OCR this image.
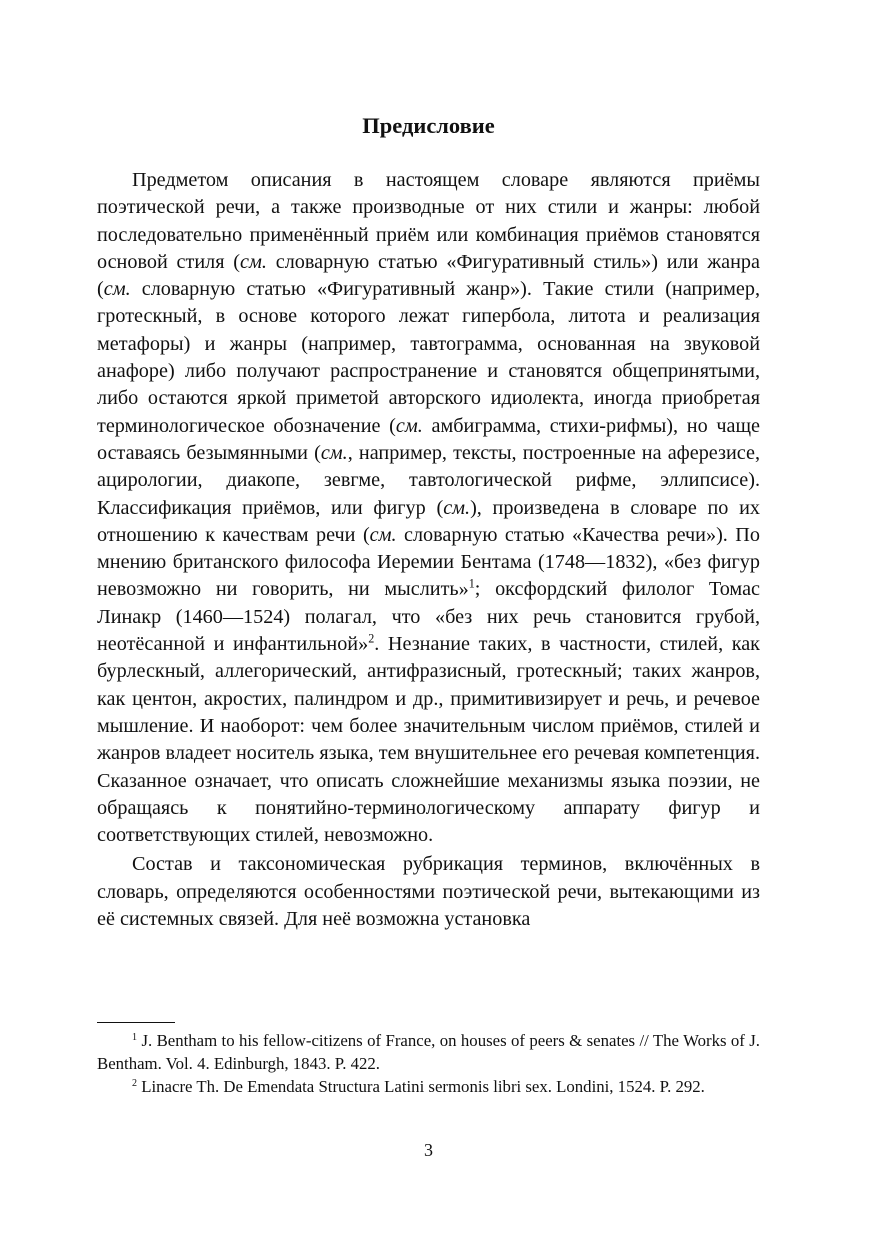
Предисловие

Предметом описания в настоящем словаре являются приёмы поэтической речи, а также производные от них стили и жанры: любой последовательно применённый приём или комбинация приёмов становятся основой стиля (см. словарную статью «Фигуративный стиль») или жанра (см. словарную статью «Фигуративный жанр»). Такие стили (например, гротескный, в основе которого лежат гипербола, литота и реализация метафоры) и жанры (например, тавтограмма, основанная на звуковой анафоре) либо получают распространение и становятся общепринятыми, либо остаются яркой приметой авторского идиолекта, иногда приобретая терминологическое обозначение (см. амбиграмма, стихи-рифмы), но чаще оставаясь безымянными (см., например, тексты, построенные на аферезисе, ацирологии, диакопе, зевгме, тавтологической рифме, эллипсисе). Классификация приёмов, или фигур (см.), произведена в словаре по их отношению к качествам речи (см. словарную статью «Качества речи»). По мнению британского философа Иеремии Бентама (1748—1832), «без фигур невозможно ни говорить, ни мыслить»$^1$; оксфордский филолог Томас Линакр (1460—1524) полагал, что «без них речь становится грубой, неотёсанной и инфантильной»$^2$. Незнание таких, в частности, стилей, как бурлескный, аллегорический, антифразисный, гротескный; таких жанров, как центон, акростих, палиндром и др., примитивизирует и речь, и речевое мышление. И наоборот: чем более значительным числом приёмов, стилей и жанров владеет носитель языка, тем внушительнее его речевая компетенция. Сказанное означает, что описать сложнейшие механизмы языка поэзии, не обращаясь к понятийно-терминологическому аппарату фигур и соответствующих стилей, невозможно.

Состав и таксономическая рубрикация терминов, включённых в словарь, определяются особенностями поэтической речи, вытекающими из её системных связей. Для неё возможна установка

$^1$ J. Bentham to his fellow-citizens of France, on houses of peers & senates // The Works of J. Bentham. Vol. 4. Edinburgh, 1843. P. 422.

$^2$ Linacre Th. De Emendata Structura Latini sermonis libri sex. Londini, 1524. P. 292.

3
